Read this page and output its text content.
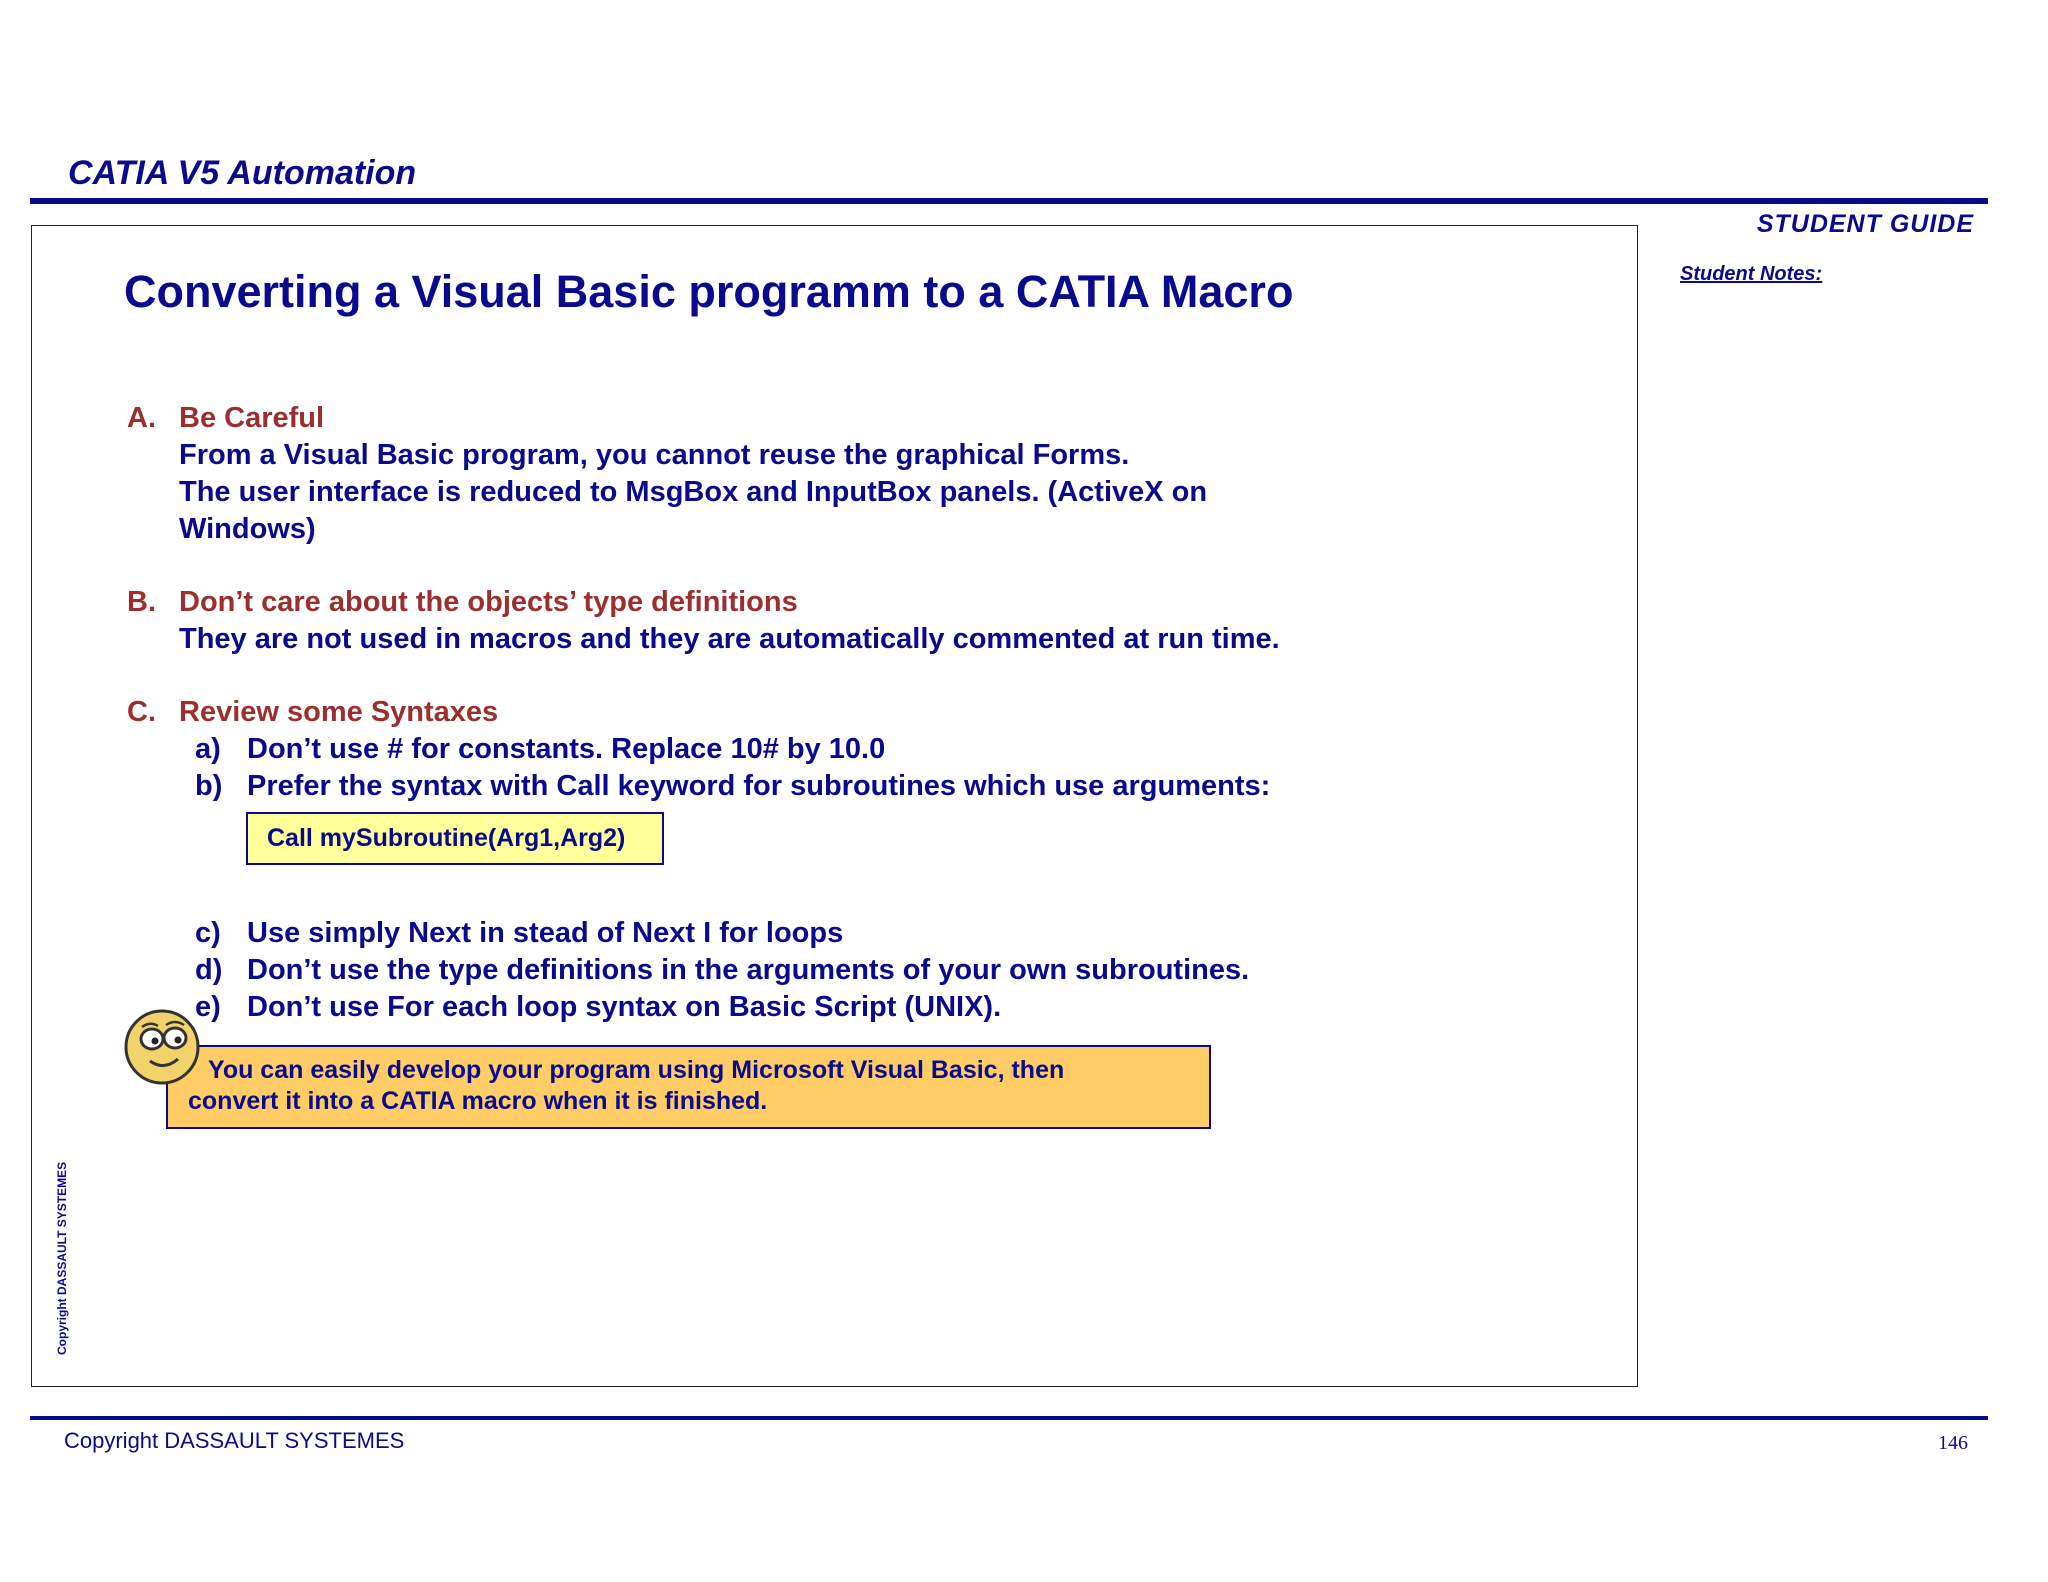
CATIA V5 Automation
STUDENT GUIDE
Student Notes:
Converting a Visual Basic programm to a CATIA Macro
A. Be Careful
From a Visual Basic program, you cannot reuse the graphical Forms.
The user interface is reduced to MsgBox and InputBox panels. (ActiveX on
Windows)
B. Don’t care about the objects’ type definitions
They are not used in macros and they are automatically commented at run time.
C. Review some Syntaxes
a) Don’t use # for constants. Replace 10# by 10.0
b) Prefer the syntax with Call keyword for subroutines which use arguments:
Call mySubroutine(Arg1,Arg2)
c) Use simply Next in stead of Next I for loops
d) Don’t use the type definitions in the arguments of your own subroutines.
e) Don’t use For each loop syntax on Basic Script (UNIX).
You can easily develop your program using Microsoft Visual Basic, then
convert it into a CATIA macro when it is finished.
Copyright DASSAULT SYSTEMES
Copyright DASSAULT SYSTEMES	146
